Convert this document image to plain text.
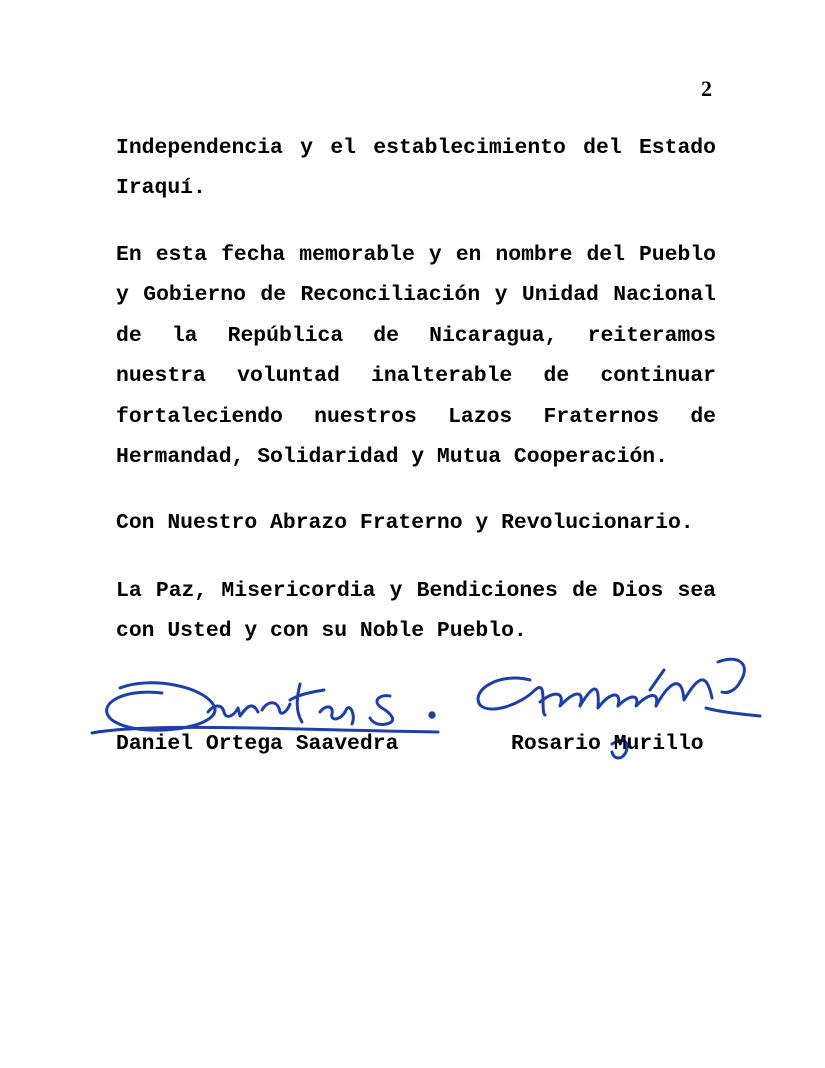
2

Independencia y el establecimiento del Estado Iraquí.

En esta fecha memorable y en nombre del Pueblo y Gobierno de Reconciliación y Unidad Nacional de la República de Nicaragua, reiteramos nuestra voluntad inalterable de continuar fortaleciendo nuestros Lazos Fraternos de Hermandad, Solidaridad y Mutua Cooperación.

Con Nuestro Abrazo Fraterno y Revolucionario.

La Paz, Misericordia y Bendiciones de Dios sea con Usted y con su Noble Pueblo.

Daniel Ortega Saavedra	Rosario Murillo
